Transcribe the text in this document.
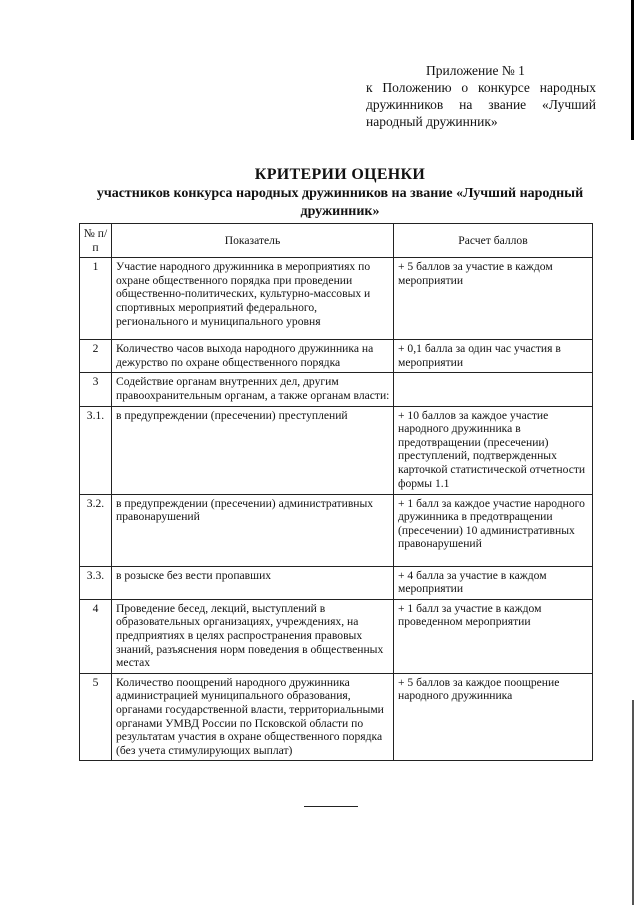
Приложение № 1
к Положению о конкурсе народных дружинников на звание «Лучший народный дружинник»
КРИТЕРИИ ОЦЕНКИ
участников конкурса народных дружинников на звание «Лучший народный дружинник»
№ п/п	Показатель	Расчет баллов
1	Участие народного дружинника в мероприятиях по охране общественного порядка при проведении общественно-политических, культурно-массовых и спортивных мероприятий федерального, регионального и муниципального уровня	+ 5 баллов за участие в каждом мероприятии
2	Количество часов выхода народного дружинника на дежурство по охране общественного порядка	+ 0,1 балла за один час участия в мероприятии
3	Содействие органам внутренних дел, другим правоохранительным органам, а также органам власти:	
3.1.	в предупреждении (пресечении) преступлений	+ 10 баллов за каждое участие народного дружинника в предотвращении (пресечении) преступлений, подтвержденных карточкой статистической отчетности формы 1.1
3.2.	в предупреждении (пресечении) административных правонарушений	+ 1 балл за каждое участие народного дружинника в предотвращении (пресечении) 10 административных правонарушений
3.3.	в розыске без вести пропавших	+ 4 балла за участие в каждом мероприятии
4	Проведение бесед, лекций, выступлений в образовательных организациях, учреждениях, на предприятиях в целях распространения правовых знаний, разъяснения норм поведения в общественных местах	+ 1 балл за участие в каждом проведенном мероприятии
5	Количество поощрений народного дружинника администрацией муниципального образования, органами государственной власти, территориальными органами УМВД России по Псковской области по результатам участия в охране общественного порядка (без учета стимулирующих выплат)	+ 5 баллов за каждое поощрение народного дружинника
